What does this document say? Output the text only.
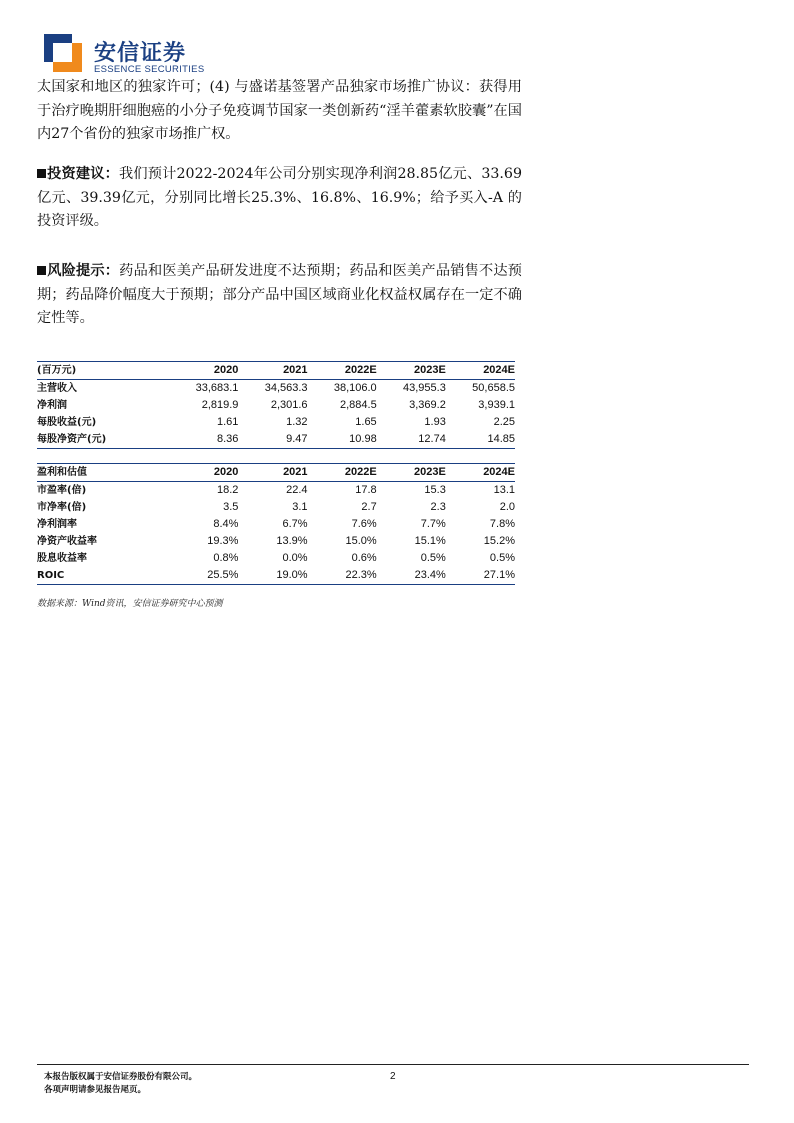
安信证券
ESSENCE SECURITIES

太国家和地区的独家许可；(4) 与盛诺基签署产品独家市场推广协议：获得用于治疗晚期肝细胞癌的小分子免疫调节国家一类创新药“淫羊藿素软胶囊”在国内27个省份的独家市场推广权。

投资建议：我们预计2022-2024年公司分别实现净利润28.85亿元、33.69亿元、39.39亿元，分别同比增长25.3%、16.8%、16.9%；给予买入-A 的投资评级。

风险提示：药品和医美产品研发进度不达预期；药品和医美产品销售不达预期；药品降价幅度大于预期；部分产品中国区域商业化权益权属存在一定不确定性等。

(百万元)	2020	2021	2022E	2023E	2024E
主营收入	33,683.1	34,563.3	38,106.0	43,955.3	50,658.5
净利润	2,819.9	2,301.6	2,884.5	3,369.2	3,939.1
每股收益(元)	1.61	1.32	1.65	1.93	2.25
每股净资产(元)	8.36	9.47	10.98	12.74	14.85
盈利和估值	2020	2021	2022E	2023E	2024E
市盈率(倍)	18.2	22.4	17.8	15.3	13.1
市净率(倍)	3.5	3.1	2.7	2.3	2.0
净利润率	8.4%	6.7%	7.6%	7.7%	7.8%
净资产收益率	19.3%	13.9%	15.0%	15.1%	15.2%
股息收益率	0.8%	0.0%	0.6%	0.5%	0.5%
ROIC	25.5%	19.0%	22.3%	23.4%	27.1%
数据来源：Wind资讯，安信证券研究中心预测

本报告版权属于安信证券股份有限公司。
各项声明请参见报告尾页。

2
